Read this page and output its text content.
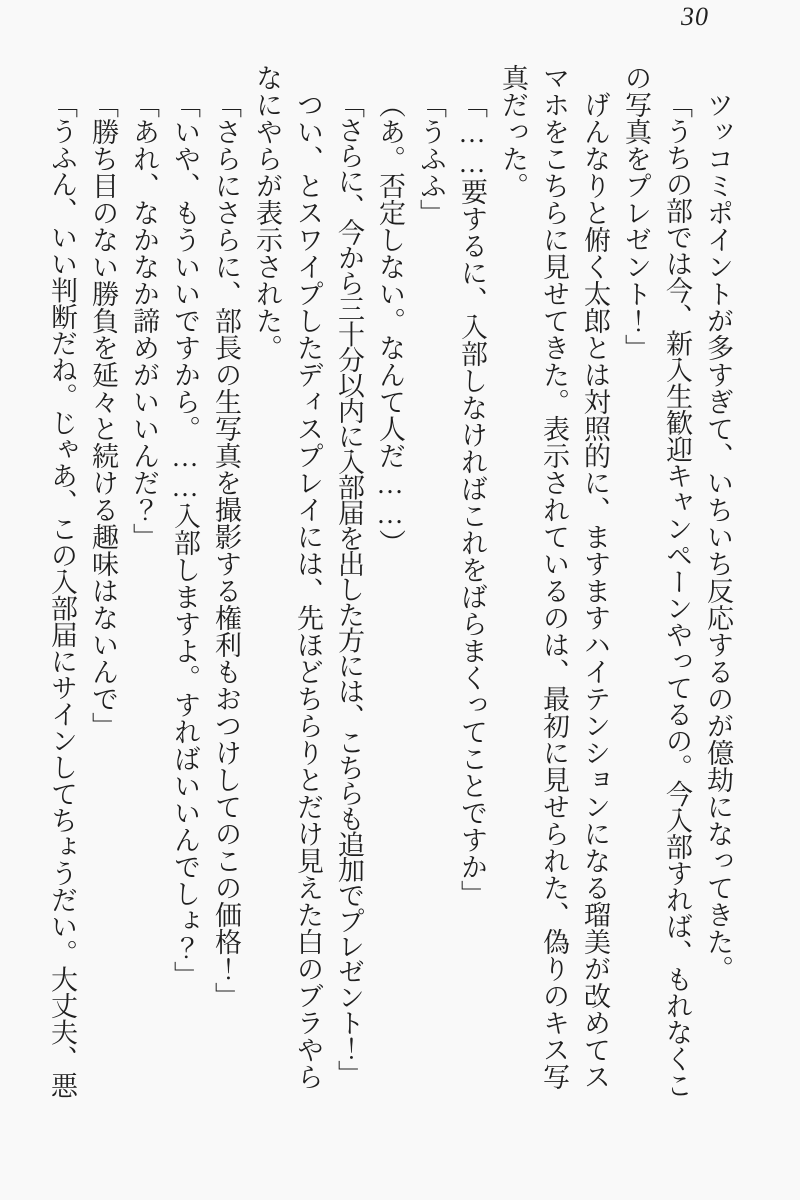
30

ツッコミポイントが多すぎて、いちいち反応するのが億劫になってきた。

「うちの部では今、新入生歓迎キャンペーンやってるの。今入部すれば、もれなくこ
の写真をプレゼント！」

げんなりと俯く太郎とは対照的に、ますますハイテンションになる瑠美が改めてス
マホをこちらに見せてきた。表示されているのは、最初に見せられた、偽りのキス写
真だった。

「……要するに、入部しなければこれをばらまくってことですか」

「うふふ」

（あ。否定しない。なんて人だ……）

「さらに、今から三十分以内に入部届を出した方には、こちらも追加でプレゼント！」

つい、とスワイプしたディスプレイには、先ほどちらりとだけ見えた白のブラやら
なにやらが表示された。

「さらにさらに、部長の生写真を撮影する権利もおつけしてのこの価格！」

「いや、もういいですから。……入部しますよ。すればいいんでしょ？」

「あれ、なかなか諦めがいいんだ？」

「勝ち目のない勝負を延々と続ける趣味はないんで」

「うふん、いい判断だね。じゃあ、この入部届にサインしてちょうだい。大丈夫、悪
